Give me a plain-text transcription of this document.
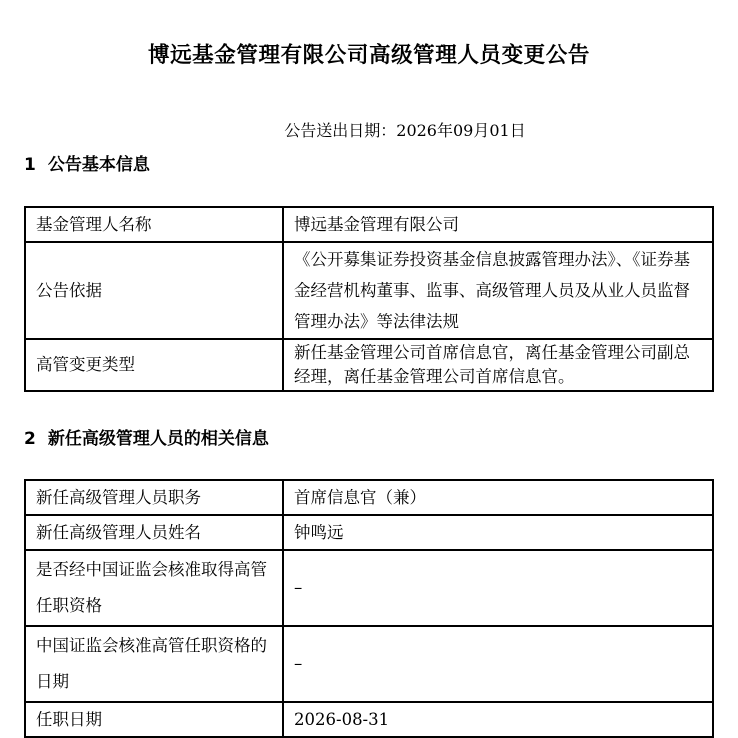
博远基金管理有限公司高级管理人员变更公告
公告送出日期：2026年09月01日
1 公告基本信息
基金管理人名称	博远基金管理有限公司
公告依据	《公开募集证券投资基金信息披露管理办法》、《证券基金经营机构董事、监事、高级管理人员及从业人员监督管理办法》等法律法规
高管变更类型	新任基金管理公司首席信息官，离任基金管理公司副总经理，离任基金管理公司首席信息官。
2 新任高级管理人员的相关信息
新任高级管理人员职务	首席信息官（兼）
新任高级管理人员姓名	钟鸣远
是否经中国证监会核准取得高管任职资格	–
中国证监会核准高管任职资格的日期	–
任职日期	2026-08-31
